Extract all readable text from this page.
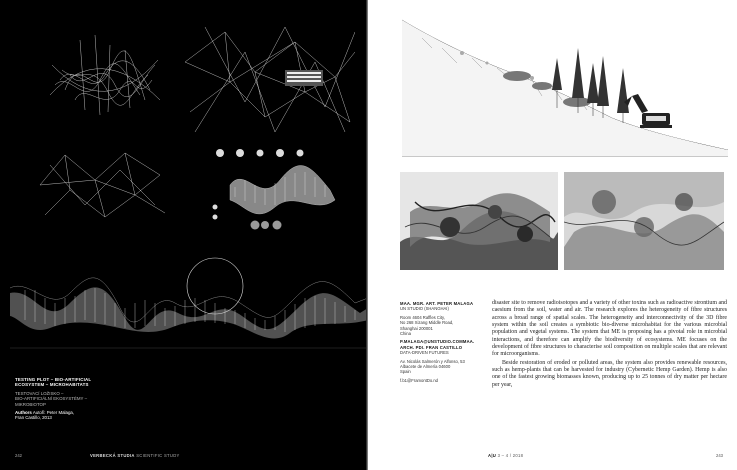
TESTING PLOT – BIO-ARTIFICIAL
ECOSYSTEM – MICROHABITATS
TESTOVACÍ LOŽISKO –
BIO-ARTIFICIÁLNÍ EKOSYSTÉMY –
MIKROBIOTOP
Authors Autoři: Peter Malaga,
Fran Castillo, 2013
242	VERBECKÁ STUDIA SCIENTIFIC STUDY
MAA. MGR. ART. PETER MALAGA
UN STUDIO (SHANGHAI)
Room 4604 Raffles City,
No 268 Xizang Middle Road,
Shanghai 200001
China
P.MALAGA@UNSTUDIO.COMMAA.
ARCH. PDI. FRAN CASTILLO
DATA-DRIVEN FUTURES
Av. Nicolás Salmerón y Alfonso, 53
Albacete de Almería 04600
Spain
f.b1@FramontDo.nd

disaster site to remove radioisotopes and a variety of other toxins such as radioactive strontium and caesium from the soil, water and air. The research explores the heterogeneity of fibre structures across a broad range of spatial scales. The heterogeneity and interconnectivity of the 3D fibre system within the soil creates a symbiotic bio-diverse microhabitat for the various microbial population and vegetal systems. The system that ME is proposing has a pivotal role in microbial interactions, and therefore can amplify the biodiversity of ecosystems. ME focuses on the development of fibre structures to characterise soil composition on multiple scales that are relevant for microorganisms.

Beside restoration of eroded or polluted areas, the system also provides renewable resources, such as hemp-plants that can be harvested for industry (Cybernetic Hemp Garden). Hemp is also one of the fastest growing biomasses known, producing up to 25 tonnes of dry matter per hectare per year,

A|U 3 – 4 / 2018	243
